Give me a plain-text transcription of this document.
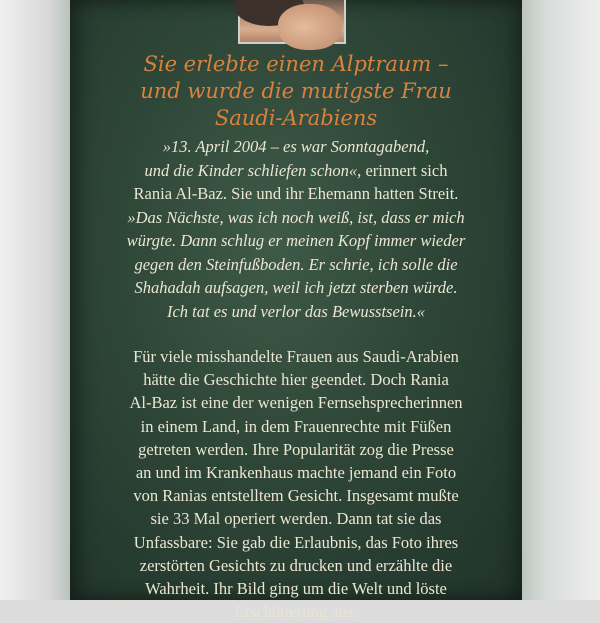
Sie erlebte einen Alptraum –
und wurde die mutigste Frau
Saudi-Arabiens

»13. April 2004 – es war Sonntagabend,
und die Kinder schliefen schon«, erinnert sich
Rania Al-Baz. Sie und ihr Ehemann hatten Streit.
»Das Nächste, was ich noch weiß, ist, dass er mich
würgte. Dann schlug er meinen Kopf immer wieder
gegen den Steinfußboden. Er schrie, ich solle die
Shahadah aufsagen, weil ich jetzt sterben würde.
Ich tat es und verlor das Bewusstsein.«

Für viele misshandelte Frauen aus Saudi-Arabien
hätte die Geschichte hier geendet. Doch Rania
Al-Baz ist eine der wenigen Fernsehsprecherinnen
in einem Land, in dem Frauenrechte mit Füßen
getreten werden. Ihre Popularität zog die Presse
an und im Krankenhaus machte jemand ein Foto
von Ranias entstelltem Gesicht. Insgesamt mußte
sie 33 Mal operiert werden. Dann tat sie das
Unfassbare: Sie gab die Erlaubnis, das Foto ihres
zerstörten Gesichts zu drucken und erzählte die
Wahrheit. Ihr Bild ging um die Welt und löste
Erschütterung aus.
